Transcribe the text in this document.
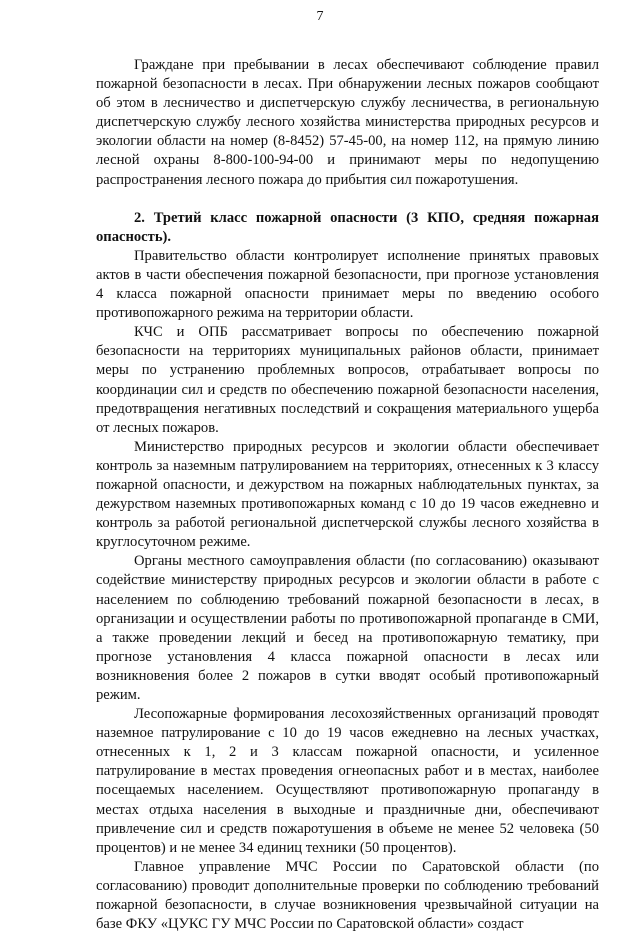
7

Граждане при пребывании в лесах обеспечивают соблюдение правил пожарной безопасности в лесах. При обнаружении лесных пожаров сообщают об этом в лесничество и диспетчерскую службу лесничества, в региональную диспетчерскую службу лесного хозяйства министерства природных ресурсов и экологии области на номер (8-8452) 57-45-00, на номер 112, на прямую линию лесной охраны 8-800-100-94-00 и принимают меры по недопущению распространения лесного пожара до прибытия сил пожаротушения.

2. Третий класс пожарной опасности (3 КПО, средняя пожарная опасность).

Правительство области контролирует исполнение принятых правовых актов в части обеспечения пожарной безопасности, при прогнозе установления 4 класса пожарной опасности принимает меры по введению особого противопожарного режима на территории области.

КЧС и ОПБ рассматривает вопросы по обеспечению пожарной безопасности на территориях муниципальных районов области, принимает меры по устранению проблемных вопросов, отрабатывает вопросы по координации сил и средств по обеспечению пожарной безопасности населения, предотвращения негативных последствий и сокращения материального ущерба от лесных пожаров.

Министерство природных ресурсов и экологии области обеспечивает контроль за наземным патрулированием на территориях, отнесенных к 3 классу пожарной опасности, и дежурством на пожарных наблюдательных пунктах, за дежурством наземных противопожарных команд с 10 до 19 часов ежедневно и контроль за работой региональной диспетчерской службы лесного хозяйства в круглосуточном режиме.

Органы местного самоуправления области (по согласованию) оказывают содействие министерству природных ресурсов и экологии области в работе с населением по соблюдению требований пожарной безопасности в лесах, в организации и осуществлении работы по противопожарной пропаганде в СМИ, а также проведении лекций и бесед на противопожарную тематику, при прогнозе установления 4 класса пожарной опасности в лесах или возникновения более 2 пожаров в сутки вводят особый противопожарный режим.

Лесопожарные формирования лесохозяйственных организаций проводят наземное патрулирование с 10 до 19 часов ежедневно на лесных участках, отнесенных к 1, 2 и 3 классам пожарной опасности, и усиленное патрулирование в местах проведения огнеопасных работ и в местах, наиболее посещаемых населением. Осуществляют противопожарную пропаганду в местах отдыха населения в выходные и праздничные дни, обеспечивают привлечение сил и средств пожаротушения в объеме не менее 52 человека (50 процентов) и не менее 34 единиц техники (50 процентов).

Главное управление МЧС России по Саратовской области (по согласованию) проводит дополнительные проверки по соблюдению требований пожарной безопасности, в случае возникновения чрезвычайной ситуации на базе ФКУ «ЦУКС ГУ МЧС России по Саратовской области» создаст
